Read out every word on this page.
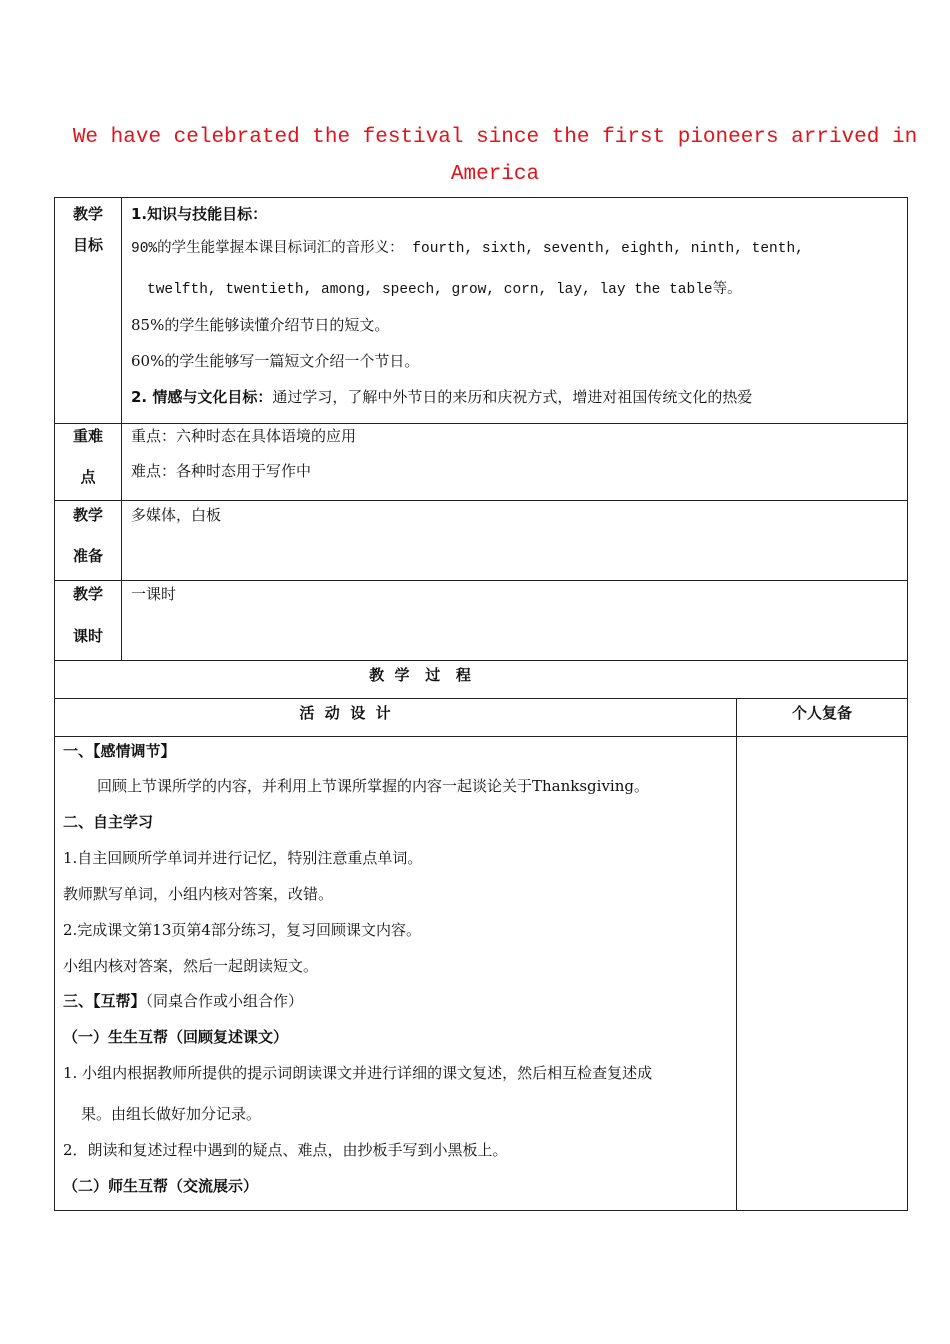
We have celebrated the festival since the first pioneers arrived in
America
教学
目标
1.知识与技能目标：
90%的学生能掌握本课目标词汇的音形义： fourth, sixth, seventh, eighth, ninth, tenth,
twelfth, twentieth, among, speech, grow, corn, lay, lay the table等。
85%的学生能够读懂介绍节日的短文。
60%的学生能够写一篇短文介绍一个节日。
2. 情感与文化目标：通过学习，了解中外节日的来历和庆祝方式，增进对祖国传统文化的热爱
重难
点
重点：六种时态在具体语境的应用
难点：各种时态用于写作中
教学
准备
多媒体，白板
教学
课时
一课时
教  学   过   程
活  动  设  计	个人复备
一、【感情调节】
回顾上节课所学的内容，并利用上节课所掌握的内容一起谈论关于Thanksgiving。
二、自主学习
1.自主回顾所学单词并进行记忆，特别注意重点单词。
教师默写单词，小组内核对答案，改错。
2.完成课文第13页第4部分练习，复习回顾课文内容。
小组内核对答案，然后一起朗读短文。
三、【互帮】（同桌合作或小组合作）
（一）生生互帮（回顾复述课文）
1. 小组内根据教师所提供的提示词朗读课文并进行详细的课文复述，然后相互检查复述成
果。由组长做好加分记录。
2．朗读和复述过程中遇到的疑点、难点，由抄板手写到小黑板上。
（二）师生互帮（交流展示）
